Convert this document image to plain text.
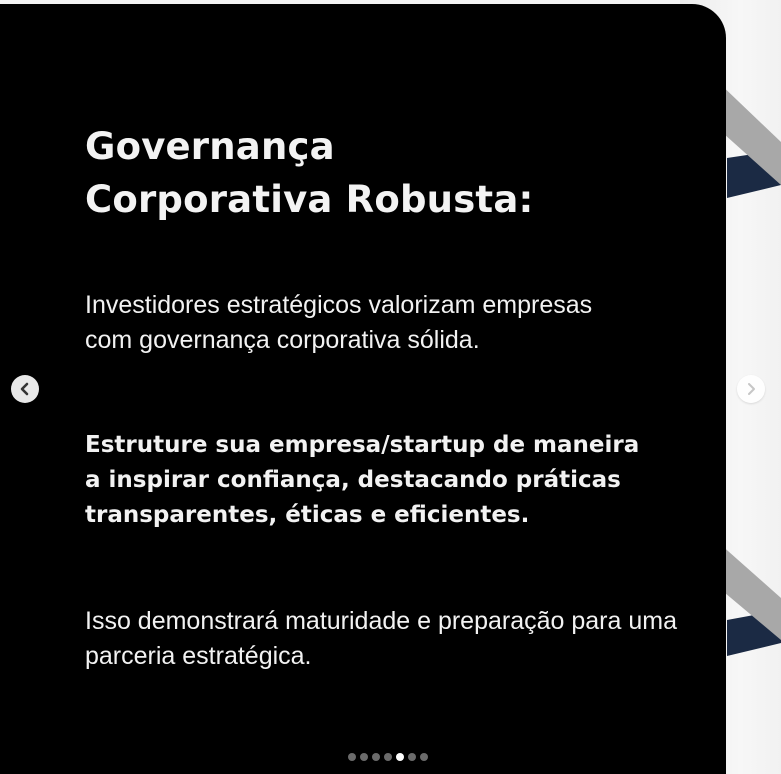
Governança
Corporativa Robusta:

Investidores estratégicos valorizam empresas com governança corporativa sólida.

Estruture sua empresa/startup de maneira a inspirar confiança, destacando práticas transparentes, éticas e eficientes.

Isso demonstrará maturidade e preparação para uma parceria estratégica.
